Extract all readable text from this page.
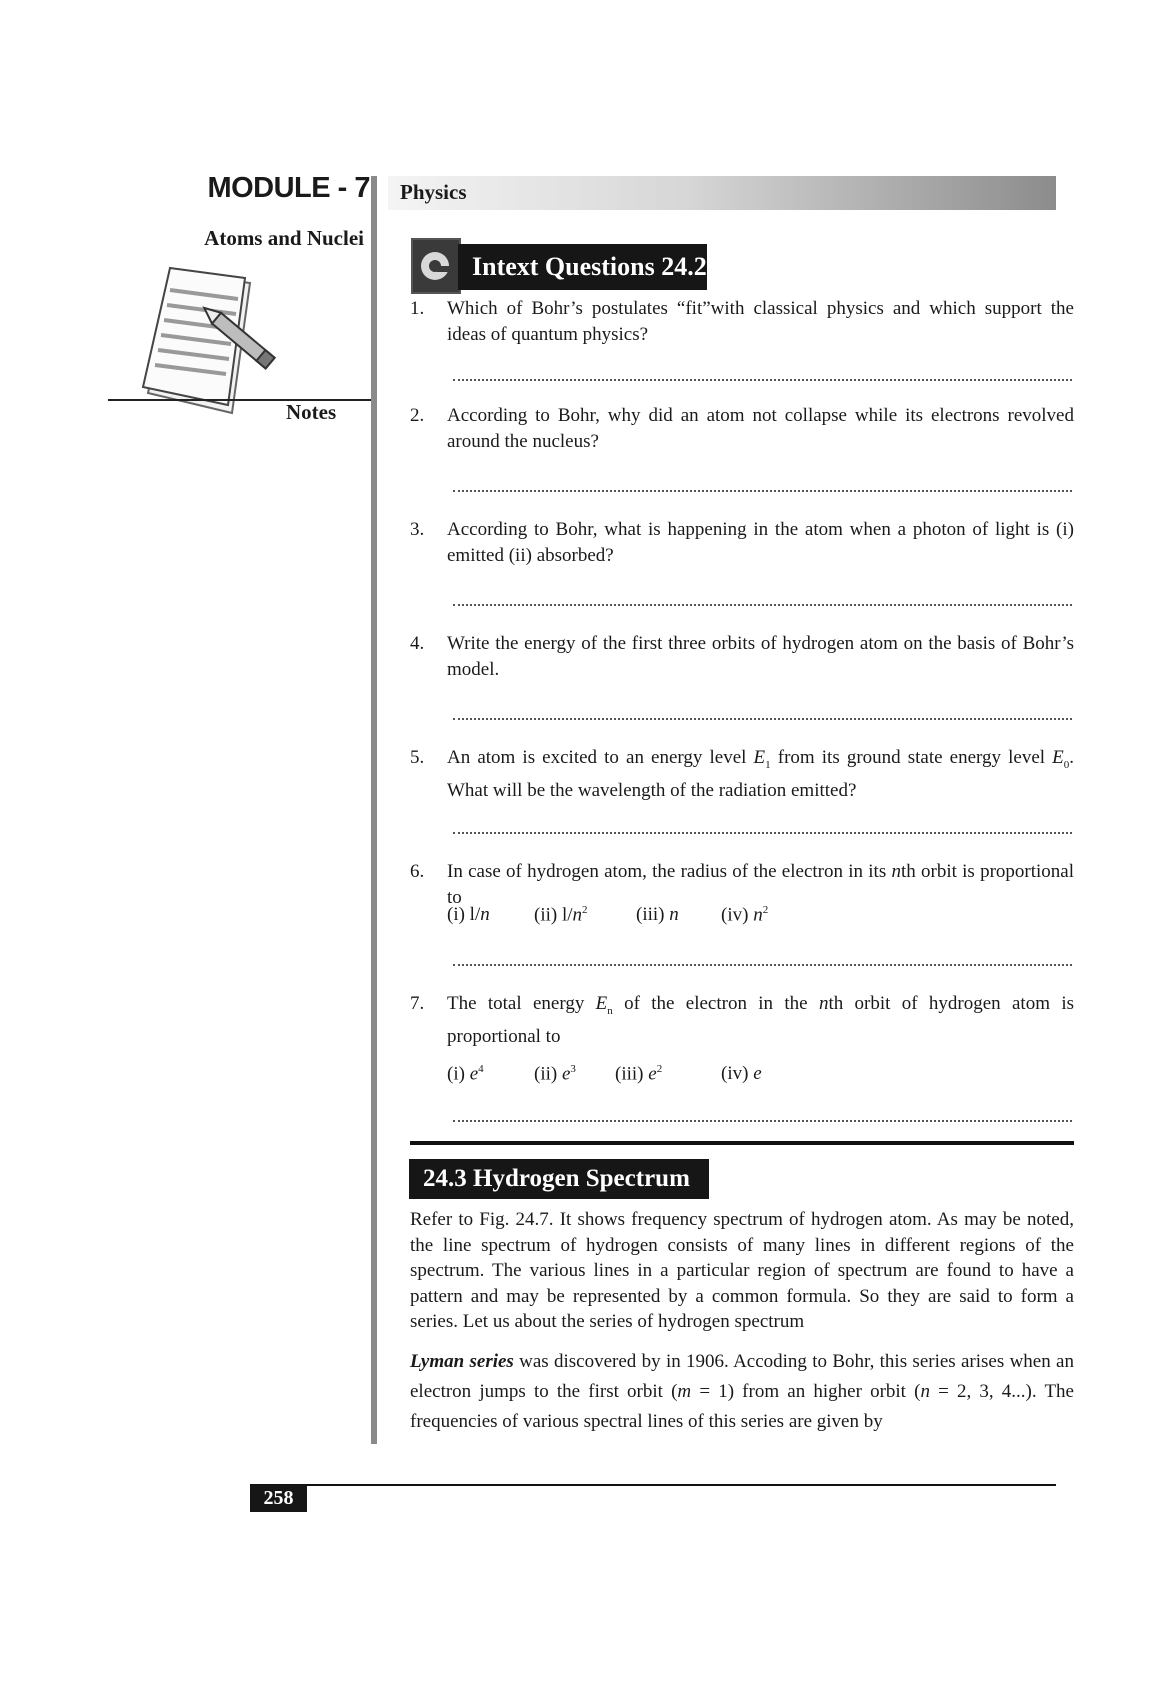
MODULE - 7
Atoms and Nuclei
Notes
Physics
Intext Questions 24.2
1.	Which of Bohr’s postulates “fit”with classical physics and which support the ideas of quantum physics?
2.	According to Bohr, why did an atom not collapse while its electrons revolved around the nucleus?
3.	According to Bohr, what is happening in the atom when a photon of light is (i) emitted (ii) absorbed?
4.	Write the energy of the first three orbits of hydrogen atom on the basis of Bohr’s model.
5.	An atom is excited to an energy level $E_1$ from its ground state energy level $E_0$. What will be the wavelength of the radiation emitted?
6.	In case of hydrogen atom, the radius of the electron in its nth orbit is proportional to
(i) l/n (ii) $l/n^2$	(iii) n (iv) $n^2$
7.	The total energy $E_n$ of the electron in the nth orbit of hydrogen atom is proportional to
(i) $e^4$	(ii) $e^3$ (iii) $e^2$	(iv) e
24.3 Hydrogen Spectrum
Refer to Fig. 24.7. It shows frequency spectrum of hydrogen atom. As may be noted, the line spectrum of hydrogen consists of many lines in different regions of the spectrum. The various lines in a particular region of spectrum are found to have a pattern and may be represented by a common formula. So they are said to form a series. Let us about the series of hydrogen spectrum
Lyman series was discovered by in 1906. Accoding to Bohr, this series arises when an electron jumps to the first orbit (m = 1) from an higher orbit (n = 2, 3, 4...). The frequencies of various spectral lines of this series are given by
258
